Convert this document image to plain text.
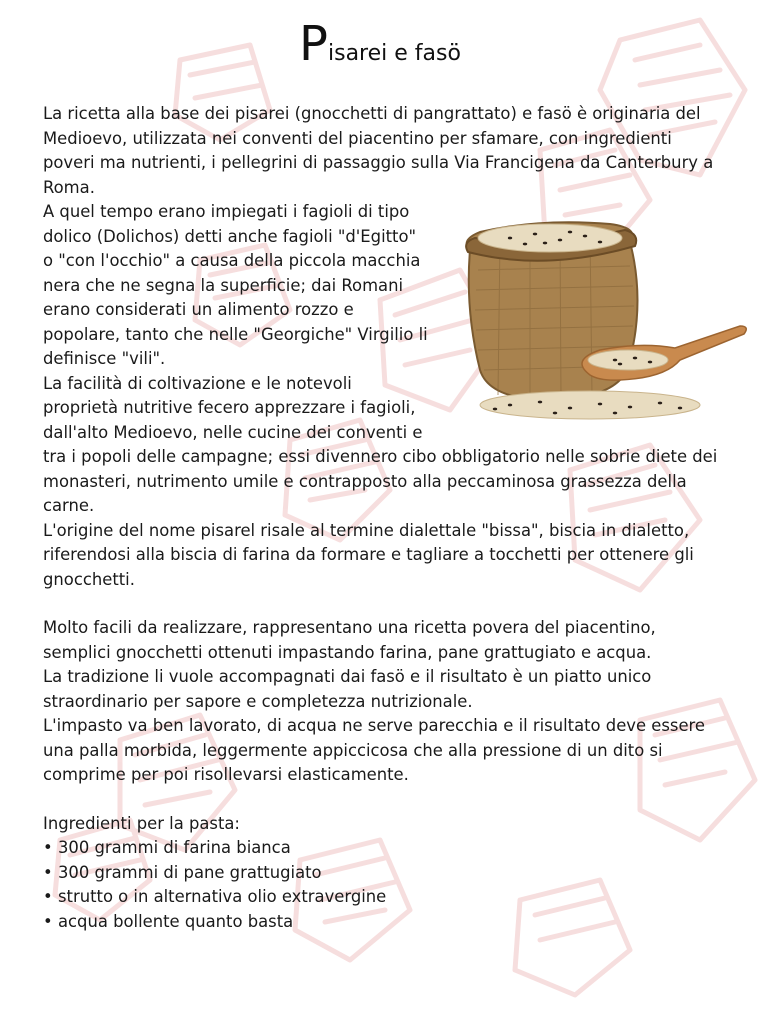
Pisarei e fasö

La ricetta alla base dei pisarei (gnocchetti di pangrattato) e fasö è originaria del Medioevo, utilizzata nei conventi del piacentino per sfamare, con ingredienti poveri ma nutrienti, i pellegrini di passaggio sulla Via Francigena da Canterbury a Roma.

A quel tempo erano impiegati i fagioli di tipo dolico (Dolichos) detti anche fagioli "d'Egitto" o "con l'occhio" a causa della piccola macchia nera che ne segna la superficie; dai Romani erano considerati un alimento rozzo e popolare, tanto che nelle "Georgiche" Virgilio li definisce "vili".

La facilità di coltivazione e le notevoli proprietà nutritive fecero apprezzare i fagioli, dall'alto Medioevo, nelle cucine dei conventi e tra i popoli delle campagne; essi divennero cibo obbligatorio nelle sobrie diete dei monasteri, nutrimento umile e contrapposto alla peccaminosa grassezza della carne.

L'origine del nome pisarel risale al termine dialettale "bissa", biscia in dialetto, riferendosi alla biscia di farina da formare e tagliare a tocchetti per ottenere gli gnocchetti.

Molto facili da realizzare, rappresentano una ricetta povera del piacentino, semplici gnocchetti ottenuti impastando farina, pane grattugiato e acqua.

La tradizione li vuole accompagnati dai fasö e il risultato è un piatto unico straordinario per sapore e completezza nutrizionale.

L'impasto va ben lavorato, di acqua ne serve parecchia e il risultato deve essere una palla morbida, leggermente appiccicosa che alla pressione di un dito si comprime per poi risollevarsi elasticamente.

Ingredienti per la pasta:

• 300 grammi di farina bianca
• 300 grammi di pane grattugiato
• strutto o in alternativa olio extravergine
• acqua bollente quanto basta
